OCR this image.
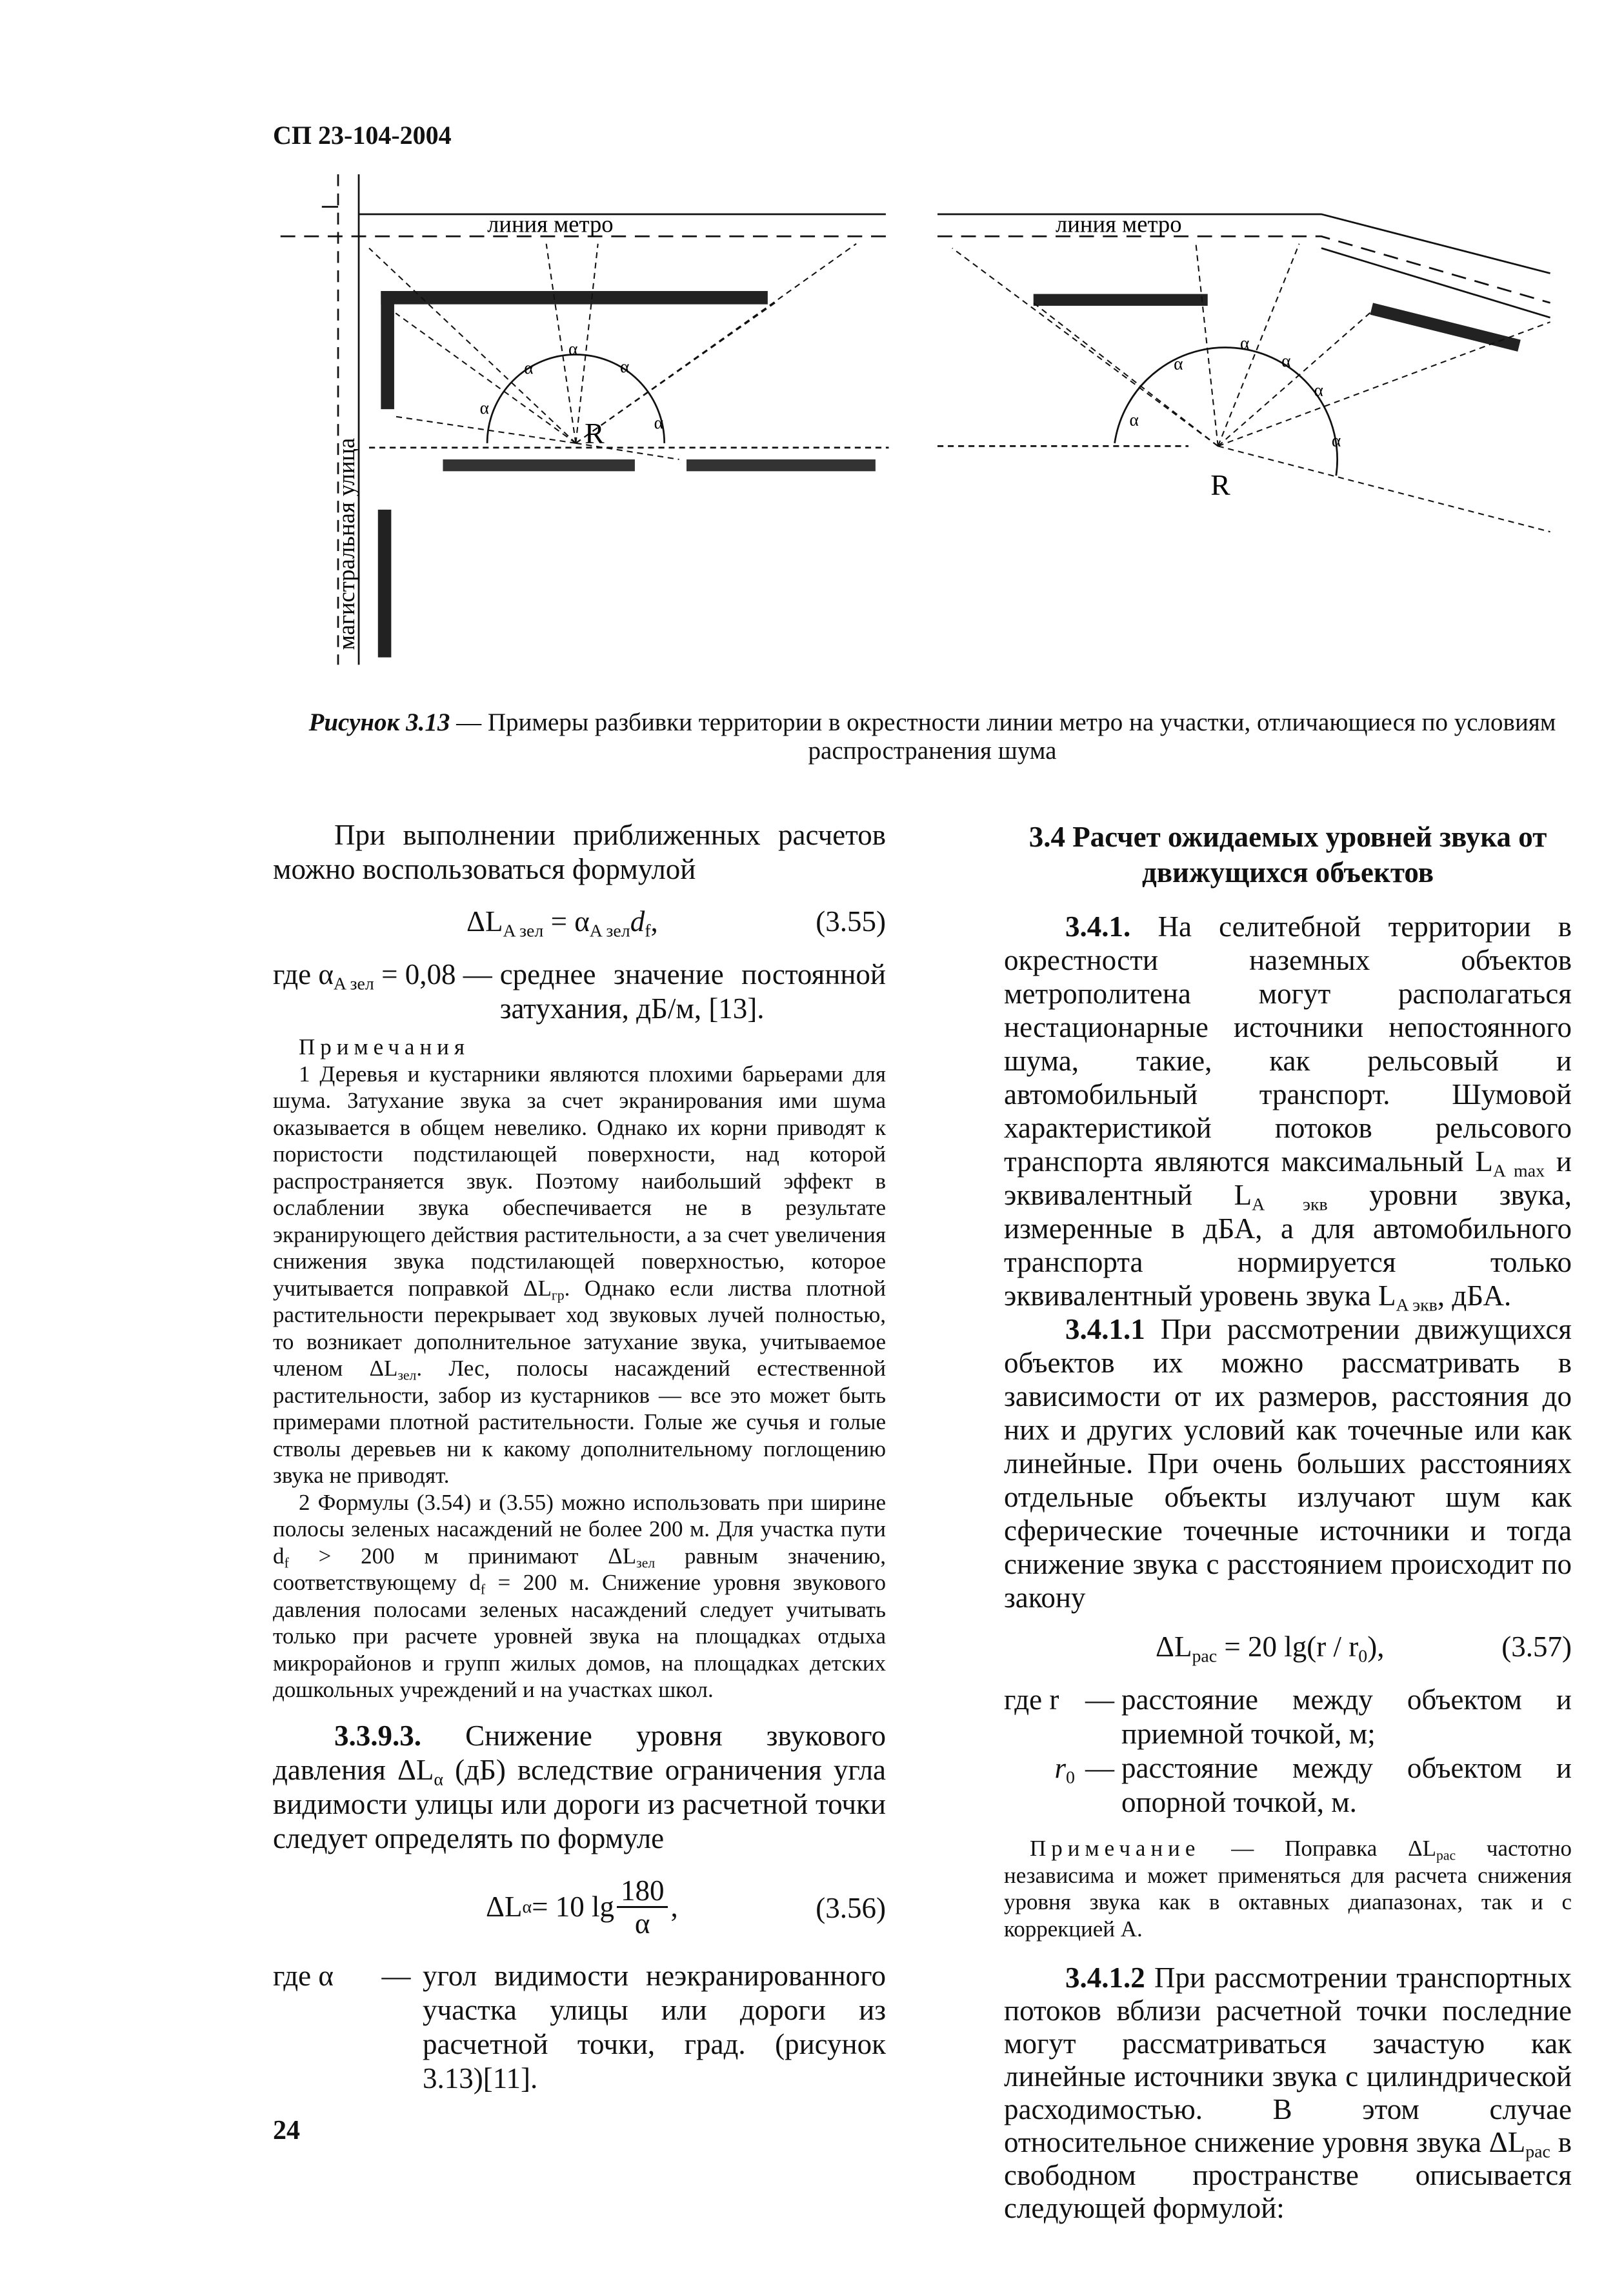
СП 23-104-2004
линия метро
магистральная улица
R
α
α
α
α
α
линия метро
R
α
α
α
α
α
α
Рисунок 3.13 — Примеры разбивки территории в окрестности линии метро на участки, отличающиеся по условиям распространения шума

При выполнении приближенных расчетов можно воспользоваться формулой

$\Delta L_{A зел} = \alpha_{A зел}d_f$,	(3.55)
где $\alpha_{A зел} = 0,08$ — среднее значение постоянной затухания, дБ/м, [13].
Примечания

1 Деревья и кустарники являются плохими барьерами для шума. Затухание звука за счет экранирования ими шума оказывается в общем невелико. Однако их корни приводят к пористости подстилающей поверхности, над которой распространяется звук. Поэтому наибольший эффект в ослаблении звука обеспечивается не в результате экранирующего действия растительности, а за счет увеличения снижения звука подстилающей поверхностью, которое учитывается поправкой $\Delta L_{гр}$. Однако если листва плотной растительности перекрывает ход звуковых лучей полностью, то возникает дополнительное затухание звука, учитываемое членом $\Delta L_{зел}$. Лес, полосы насаждений естественной растительности, забор из кустарников — все это может быть примерами плотной растительности. Голые же сучья и голые стволы деревьев ни к какому дополнительному поглощению звука не приводят.

2 Формулы (3.54) и (3.55) можно использовать при ширине полосы зеленых насаждений не более 200 м. Для участка пути $d_f > 200$ м принимают $\Delta L_{зел}$ равным значению, соответствующему $d_f = 200$ м. Снижение уровня звукового давления полосами зеленых насаждений следует учитывать только при расчете уровней звука на площадках отдыха микрорайонов и групп жилых домов, на площадках детских дошкольных учреждений и на участках школ.

3.3.9.3. Снижение уровня звукового давления $\Delta L_\alpha$ (дБ) вследствие ограничения угла видимости улицы или дороги из расчетной точки следует определять по формуле

ΔL α = 10 $\lg \frac{180}{\alpha}$ ,	(3.56)
где α	— угол видимости неэкранированного участка улицы или дороги из расчетной точки, град. (рисунок 3.13)[11].
24
3.4 Расчет ожидаемых уровней звука от движущихся объектов

3.4.1. На селитебной территории в окрестности наземных объектов метрополитена могут располагаться нестационарные источники непостоянного шума, такие, как рельсовый и автомобильный транспорт. Шумовой характеристикой потоков рельсового транспорта являются максимальный $L_{A max}$ и эквивалентный $L_{A экв}$ уровни звука, измеренные в дБА, а для автомобильного транспорта нормируется только эквивалентный уровень звука $L_{A экв}$, дБА.

3.4.1.1 При рассмотрении движущихся объектов их можно рассматривать в зависимости от их размеров, расстояния до них и других условий как точечные или как линейные. При очень больших расстояниях отдельные объекты излучают шум как сферические точечные источники и тогда снижение звука с расстоянием происходит по закону

$\Delta L_{рас} = 20$ $\lg(r / r_0)$,	(3.57)
где r — расстояние между объектом и приемной точкой, м;
$r_0$ — расстояние между объектом и опорной точкой, м.

Примечание — Поправка $\Delta L_{рас}$ частотно независима и может применяться для расчета снижения уровня звука как в октавных диапазонах, так и с коррекцией А.

3.4.1.2 При рассмотрении транспортных потоков вблизи расчетной точки последние могут рассматриваться зачастую как линейные источники звука с цилиндрической расходимостью. В этом случае относительное снижение уровня звука $\Delta L_{рас}$ в свободном пространстве описывается следующей формулой:
